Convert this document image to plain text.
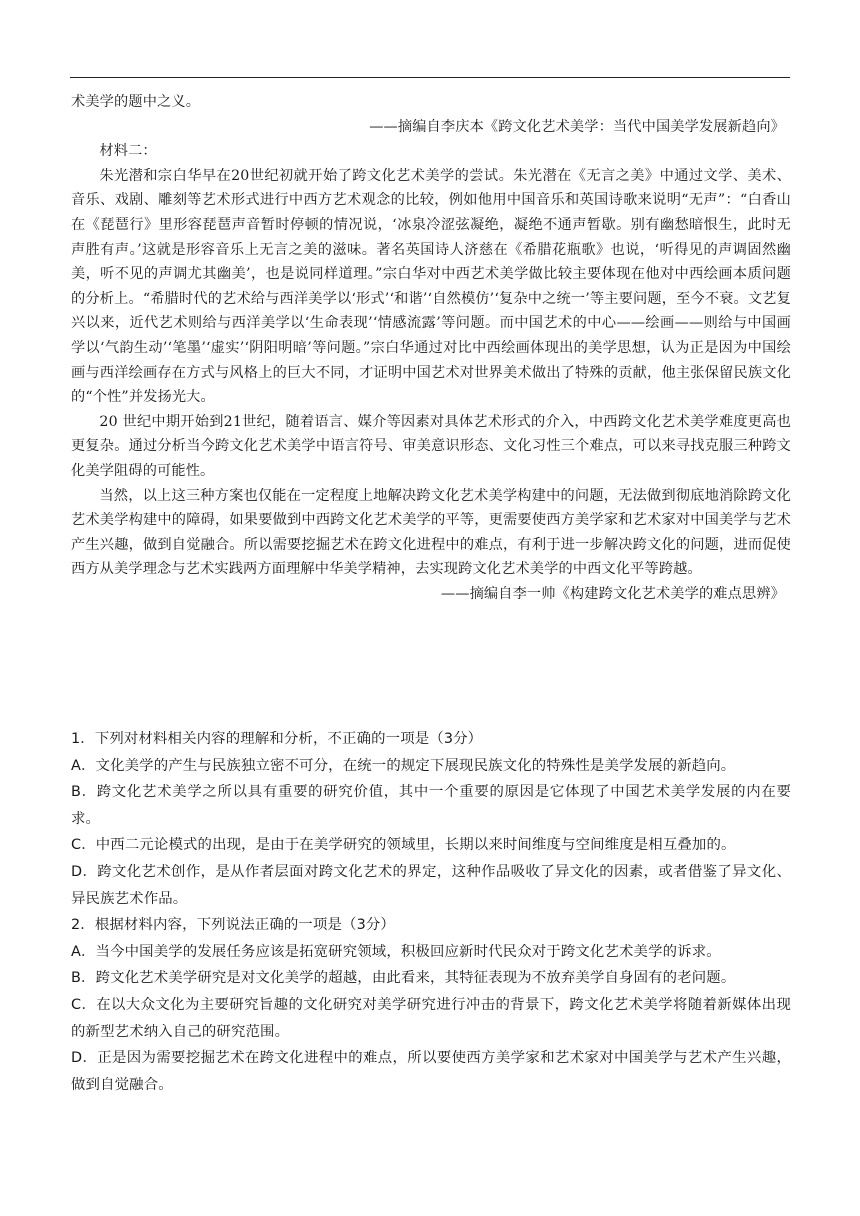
术美学的题中之义。

——摘编自李庆本《跨文化艺术美学：当代中国美学发展新趋向》

材料二：

朱光潜和宗白华早在20世纪初就开始了跨文化艺术美学的尝试。朱光潜在《无言之美》中通过文学、美术、音乐、戏剧、雕刻等艺术形式进行中西方艺术观念的比较，例如他用中国音乐和英国诗歌来说明“无声”：“白香山在《琵琶行》里形容琵琶声音暂时停顿的情况说，‘冰泉冷涩弦凝绝，凝绝不通声暂歇。别有幽愁暗恨生，此时无声胜有声。’这就是形容音乐上无言之美的滋味。著名英国诗人济慈在《希腊花瓶歌》也说，‘听得见的声调固然幽美，听不见的声调尤其幽美’，也是说同样道理。”宗白华对中西艺术美学做比较主要体现在他对中西绘画本质问题的分析上。“希腊时代的艺术给与西洋美学以‘形式’‘和谐’‘自然模仿’‘复杂中之统一’等主要问题，至今不衰。文艺复兴以来，近代艺术则给与西洋美学以‘生命表现’‘情感流露’等问题。而中国艺术的中心——绘画——则给与中国画学以‘气韵生动’‘笔墨’‘虚实’‘阴阳明暗’等问题。”宗白华通过对比中西绘画体现出的美学思想，认为正是因为中国绘画与西洋绘画存在方式与风格上的巨大不同，才证明中国艺术对世界美术做出了特殊的贡献，他主张保留民族文化的“个性”并发扬光大。

20 世纪中期开始到21世纪，随着语言、媒介等因素对具体艺术形式的介入，中西跨文化艺术美学难度更高也更复杂。通过分析当今跨文化艺术美学中语言符号、审美意识形态、文化习性三个难点，可以来寻找克服三种跨文化美学阻碍的可能性。

当然，以上这三种方案也仅能在一定程度上地解决跨文化艺术美学构建中的问题，无法做到彻底地消除跨文化艺术美学构建中的障碍，如果要做到中西跨文化艺术美学的平等，更需要使西方美学家和艺术家对中国美学与艺术产生兴趣，做到自觉融合。所以需要挖掘艺术在跨文化进程中的难点，有利于进一步解决跨文化的问题，进而促使西方从美学理念与艺术实践两方面理解中华美学精神，去实现跨文化艺术美学的中西文化平等跨越。

——摘编自李一帅《构建跨文化艺术美学的难点思辨》

1．下列对材料相关内容的理解和分析，不正确的一项是（3分）

A．文化美学的产生与民族独立密不可分，在统一的规定下展现民族文化的特殊性是美学发展的新趋向。

B．跨文化艺术美学之所以具有重要的研究价值，其中一个重要的原因是它体现了中国艺术美学发展的内在要求。

C．中西二元论模式的出现，是由于在美学研究的领域里，长期以来时间维度与空间维度是相互叠加的。

D．跨文化艺术创作，是从作者层面对跨文化艺术的界定，这种作品吸收了异文化的因素，或者借鉴了异文化、异民族艺术作品。

2．根据材料内容，下列说法正确的一项是（3分）

A．当今中国美学的发展任务应该是拓宽研究领域，积极回应新时代民众对于跨文化艺术美学的诉求。

B．跨文化艺术美学研究是对文化美学的超越，由此看来，其特征表现为不放弃美学自身固有的老问题。

C．在以大众文化为主要研究旨趣的文化研究对美学研究进行冲击的背景下，跨文化艺术美学将随着新媒体出现的新型艺术纳入自己的研究范围。

D．正是因为需要挖掘艺术在跨文化进程中的难点，所以要使西方美学家和艺术家对中国美学与艺术产生兴趣，做到自觉融合。
